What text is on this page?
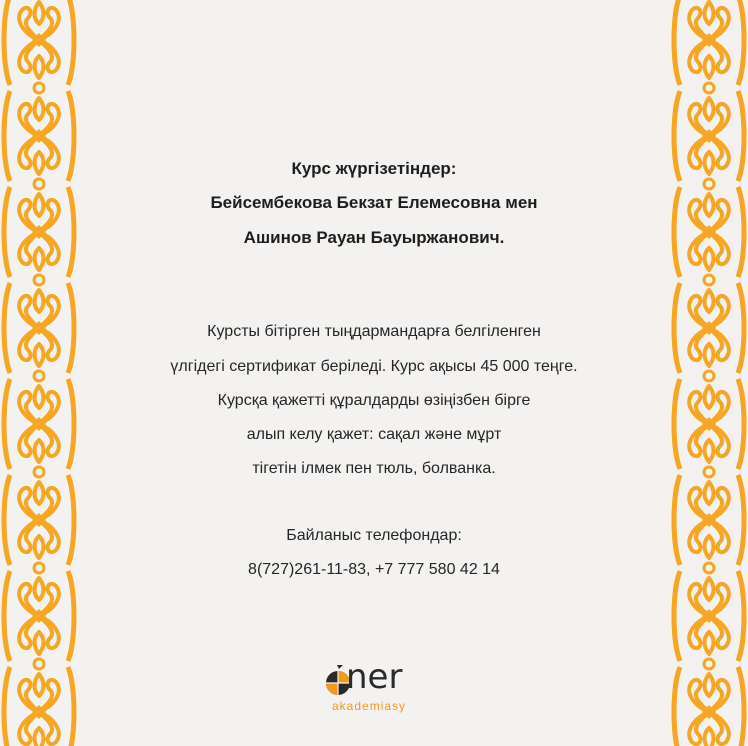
Курс жүргізетіндер:
Бейсембекова Бекзат Елемесовна мен
Ашинов Рауан Бауыржанович.
Курсты бітірген тыңдармандарға белгіленген
үлгідегі сертификат беріледі. Курс ақысы 45 000 теңге.
Курсқа қажетті құралдарды өзіңізбен бірге
алып келу қажет: сақал және мұрт
тігетін ілмек пен тюль, болванка.
Байланыс телефондар:
8(727)261-11-83, +7 777 580 42 14
ner
akademiasy
